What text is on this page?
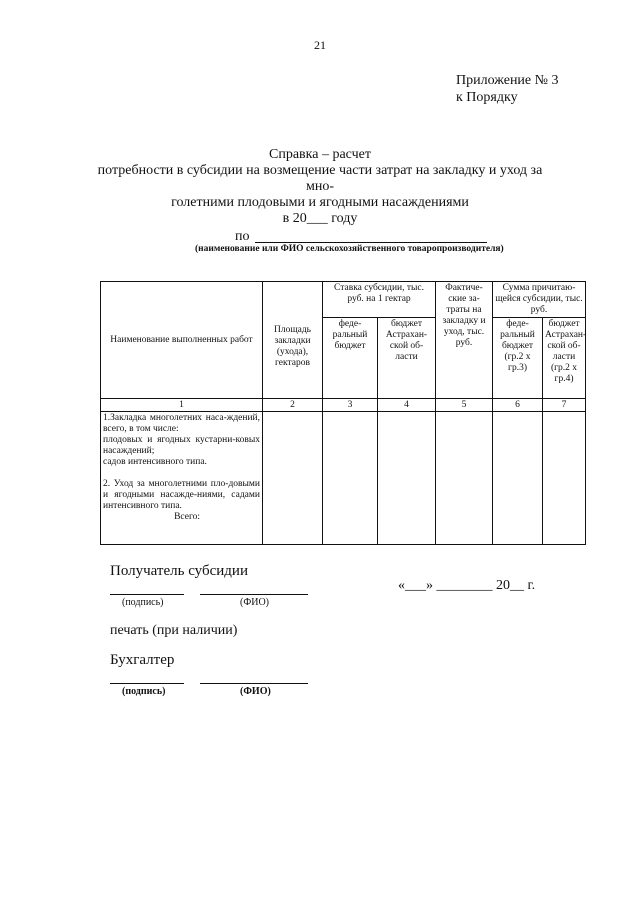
21
Приложение № 3
к Порядку
Справка – расчет
потребности в субсидии на возмещение части затрат на закладку и уход за мно-
голетними плодовыми и ягодными насаждениями
в 20___ году
по
(наименование или ФИО сельскохозяйственного товаропроизводителя)
Наименование выполненных работ	Площадь закладки (ухода), гектаров	Ставка субсидии, тыс. руб. на 1 гектар		Фактиче-ские за-траты на закладку и уход, тыс. руб.	Сумма причитаю-щейся субсидии, тыс. руб.	
		феде-ральный бюджет	бюджет Астрахан-ской об-ласти		феде-ральный бюджет (гр.2 x гр.3)	бюджет Астрахан-ской об-ласти (гр.2 x гр.4)
1	2	3	4	5	6	7

1.Закладка многолетних наса-ждений, всего, в том числе:
плодовых и ягодных кустарни-ковых насаждений;
садов интенсивного типа.
2. Уход за многолетними пло-довыми и ягодными насажде-ниями, садами интенсивного типа.
Всего:						

Получатель субсидии
(подпись)	(ФИО)
«___» ________ 20__ г.
печать (при наличии)
Бухгалтер
(подпись)	(ФИО)
